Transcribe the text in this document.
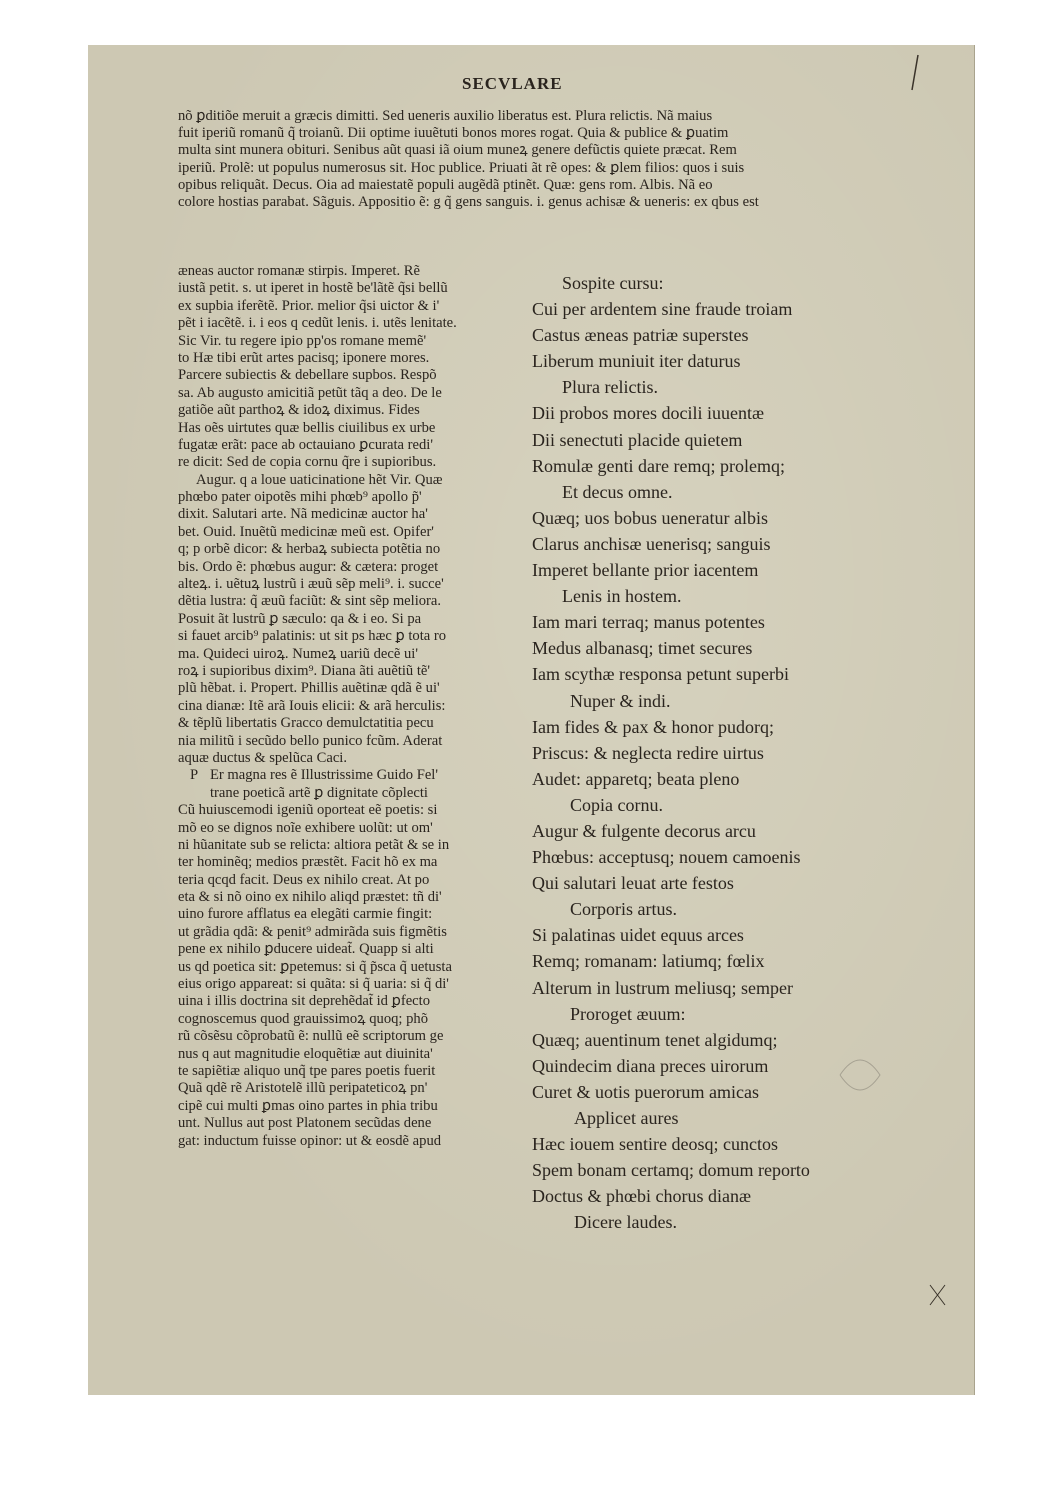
SECVLARE
nõ ꝑditiõe meruit a græcis dimitti. Sed ueneris auxilio liberatus est. Plura relictis. Nã maius
fuit iperiũ romanũ q̃ troianũ. Dii optime iuuẽtuti bonos mores rogat. Quia & publice & ꝑuatim
multa sint munera obituri. Senibus aũt quasi iã oium muneꝝ genere defũctis quiete præcat. Rem
iperiũ. Prolẽ: ut populus numerosus sit. Hoc publice. Priuati ãt rẽ opes: & ꝑlem filios: quos i suis
opibus reliquãt. Decus. Oia ad maiestatẽ populi augẽdã ptinẽt. Quæ: gens rom. Albis. Nã eo
colore hostias parabat. Sãguis. Appositio ẽ: g q̃ gens sanguis. i. genus achisæ & ueneris: ex qbus est
æneas auctor romanæ stirpis. Imperet. Rẽ
iustã petit. s. ut iperet in hostẽ be'lãtẽ q̃si bellũ
ex supbia iferẽtẽ. Prior. melior q̃si uictor & i'
pẽt i iacẽtẽ. i. i eos q cedũt lenis. i. utẽs lenitate.
Sic Vir. tu regere ipio pp'os romane memẽ'
to Hæ tibi erũt artes pacisq; iponere mores.
Parcere subiectis & debellare supbos. Respõ
sa. Ab augusto amicitiã petũt tãq a deo. De le
gatiõe aũt parthoꝝ & idoꝝ diximus. Fides
Has oẽs uirtutes quæ bellis ciuilibus ex urbe
fugatæ erãt: pace ab octauiano ꝑcurata redi'
re dicit: Sed de copia cornu q̃re i supioribus.
Augur. q a loue uaticinatione hẽt Vir. Quæ
phœbo pater oipotẽs mihi phœb⁹ apollo p̃'
dixit. Salutari arte. Nã medicinæ auctor ha'
bet. Ouid. Inuẽtũ medicinæ meũ est. Opifer'
q; p orbẽ dicor: & herbaꝝ subiecta potẽtia no
bis. Ordo ẽ: phœbus augur: & cætera: proget
alteꝝ. i. uẽtuꝝ lustrũ i æuũ sẽp meli⁹. i. succe'
dẽtia lustra: q̃ æuũ faciũt: & sint sẽp meliora.
Posuit ãt lustrũ ꝑ sæculo: qa & i eo. Si pa
si fauet arcib⁹ palatinis: ut sit ps hæc ꝑ tota ro
ma. Quideci uiroꝝ. Numeꝝ uariũ decẽ ui'
roꝝ i supioribus dixim⁹. Diana ãti auẽtiũ tẽ'
plũ hẽbat. i. Propert. Phillis auẽtinæ qdã ẽ ui'
cina dianæ: Itẽ arã Iouis elicii: & arã herculis:
& tẽplũ libertatis Gracco demulctatitia pecu
nia militũ i secũdo bello punico fcũm. Aderat
aquæ ductus & spelũca Caci.
P Er magna res ẽ Illustrissime Guido Fel'
trane poeticã artẽ ꝑ dignitate cõplecti
Cũ huiuscemodi igeniũ oporteat eẽ poetis: si
mõ eo se dignos noĩe exhibere uolũt: ut om'
ni hũanitate sub se relicta: altiora petãt & se in
ter hominẽq; medios præstẽt. Facit hõ ex ma
teria qcqd facit. Deus ex nihilo creat. At po
eta & si nõ oino ex nihilo aliqd præstet: tñ di'
uino furore afflatus ea elegãti carmie fingit:
ut grãdia qdã: & penit⁹ admirãda suis figmẽtis
pene ex nihilo ꝑducere uideat̃. Quapp si alti
us qd poetica sit: ꝑpetemus: si q̃ p̃sca q̃ uetusta
eius origo appareat: si quãta: si q̃ uaria: si q̃ di'
uina i illis doctrina sit deprehẽdat̃ id ꝑfecto
cognoscemus quod grauissimoꝝ quoq; phõ
rũ cõsẽsu cõprobatũ ẽ: nullũ eẽ scriptorum ge
nus q aut magnitudie eloquẽtiæ aut diuinita'
te sapiẽtiæ aliquo unq̃ tpe pares poetis fuerit
Quã qdẽ rẽ Aristotelẽ illũ peripateticoꝝ pn'
cipẽ cui multi ꝑmas oino partes in phia tribu
unt. Nullus aut post Platonem secũdas dene
gat: inductum fuisse opinor: ut & eosdẽ apud
Sospite cursu:
Cui per ardentem sine fraude troiam
Castus æneas patriæ superstes
Liberum muniuit iter daturus
Plura relictis.
Dii probos mores docili iuuentæ
Dii senectuti placide quietem
Romulæ genti dare remq; prolemq;
Et decus omne.
Quæq; uos bobus ueneratur albis
Clarus anchisæ uenerisq; sanguis
Imperet bellante prior iacentem
Lenis in hostem.
Iam mari terraq; manus potentes
Medus albanasq; timet secures
Iam scythæ responsa petunt superbi
Nuper & indi.
Iam fides & pax & honor pudorq;
Priscus: & neglecta redire uirtus
Audet: apparetq; beata pleno
Copia cornu.
Augur & fulgente decorus arcu
Phœbus: acceptusq; nouem camoenis
Qui salutari leuat arte festos
Corporis artus.
Si palatinas uidet equus arces
Remq; romanam: latiumq; fœlix
Alterum in lustrum meliusq; semper
Proroget æuum:
Quæq; auentinum tenet algidumq;
Quindecim diana preces uirorum
Curet & uotis puerorum amicas
Applicet aures
Hæc iouem sentire deosq; cunctos
Spem bonam certamq; domum reporto
Doctus & phœbi chorus dianæ
Dicere laudes.
